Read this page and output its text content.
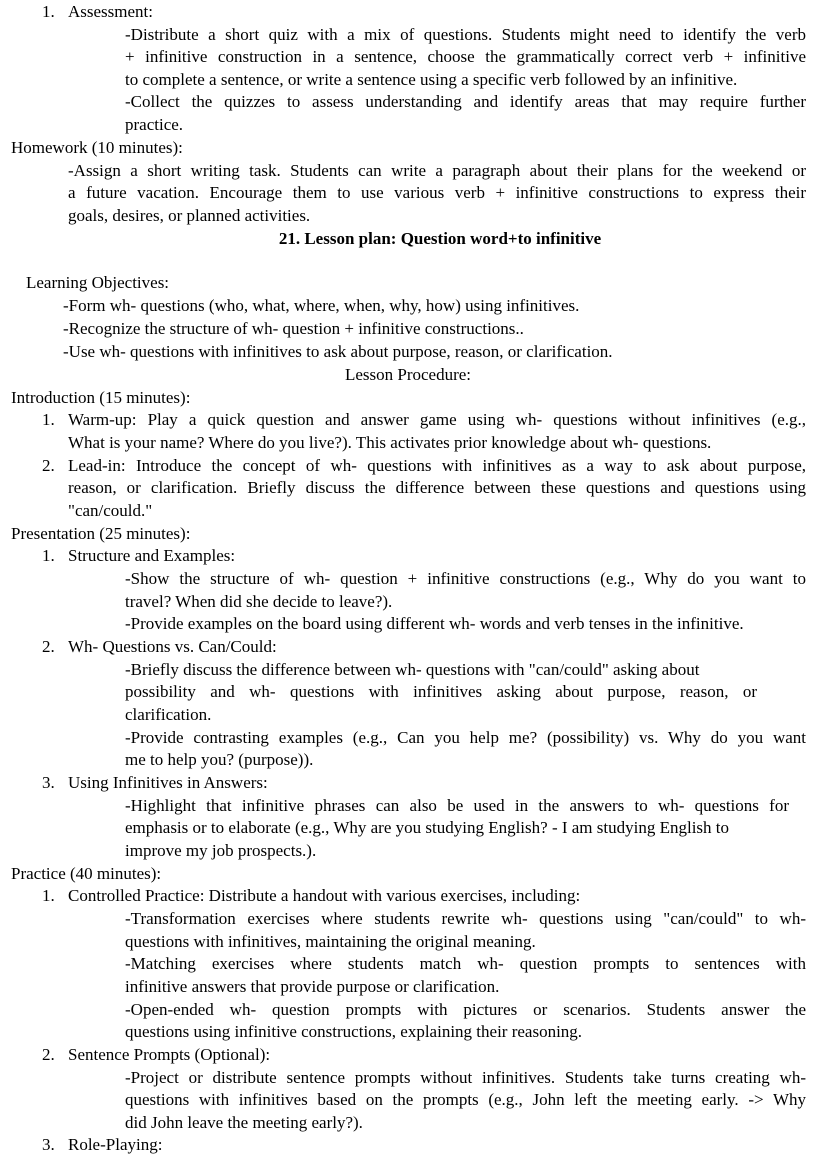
1. Assessment:
-Distribute a short quiz with a mix of questions. Students might need to identify the verb
+ infinitive construction in a sentence, choose the grammatically correct verb + infinitive
to complete a sentence, or write a sentence using a specific verb followed by an infinitive.
-Collect the quizzes to assess understanding and identify areas that may require further
practice.
Homework (10 minutes):
-Assign a short writing task. Students can write a paragraph about their plans for the weekend or
a future vacation. Encourage them to use various verb + infinitive constructions to express their
goals, desires, or planned activities.
21. Lesson plan: Question word+to infinitive
Learning Objectives:
-Form wh- questions (who, what, where, when, why, how) using infinitives.
-Recognize the structure of wh- question + infinitive constructions..
-Use wh- questions with infinitives to ask about purpose, reason, or clarification.
Lesson Procedure:
Introduction (15 minutes):
1. Warm-up: Play a quick question and answer game using wh- questions without infinitives (e.g.,
What is your name? Where do you live?). This activates prior knowledge about wh- questions.
2. Lead-in: Introduce the concept of wh- questions with infinitives as a way to ask about purpose,
reason, or clarification. Briefly discuss the difference between these questions and questions using
"can/could."
Presentation (25 minutes):
1. Structure and Examples:
-Show the structure of wh- question + infinitive constructions (e.g., Why do you want to
travel? When did she decide to leave?).
-Provide examples on the board using different wh- words and verb tenses in the infinitive.
2. Wh- Questions vs. Can/Could:
-Briefly discuss the difference between wh- questions with "can/could" asking about
possibility and wh- questions with infinitives asking about purpose, reason, or
clarification.
-Provide contrasting examples (e.g., Can you help me? (possibility) vs. Why do you want
me to help you? (purpose)).
3. Using Infinitives in Answers:
-Highlight that infinitive phrases can also be used in the answers to wh- questions for
emphasis or to elaborate (e.g., Why are you studying English? - I am studying English to
improve my job prospects.).
Practice (40 minutes):
1. Controlled Practice: Distribute a handout with various exercises, including:
-Transformation exercises where students rewrite wh- questions using "can/could" to wh-
questions with infinitives, maintaining the original meaning.
-Matching exercises where students match wh- question prompts to sentences with
infinitive answers that provide purpose or clarification.
-Open-ended wh- question prompts with pictures or scenarios. Students answer the
questions using infinitive constructions, explaining their reasoning.
2. Sentence Prompts (Optional):
-Project or distribute sentence prompts without infinitives. Students take turns creating wh-
questions with infinitives based on the prompts (e.g., John left the meeting early. -> Why
did John leave the meeting early?).
3. Role-Playing:
